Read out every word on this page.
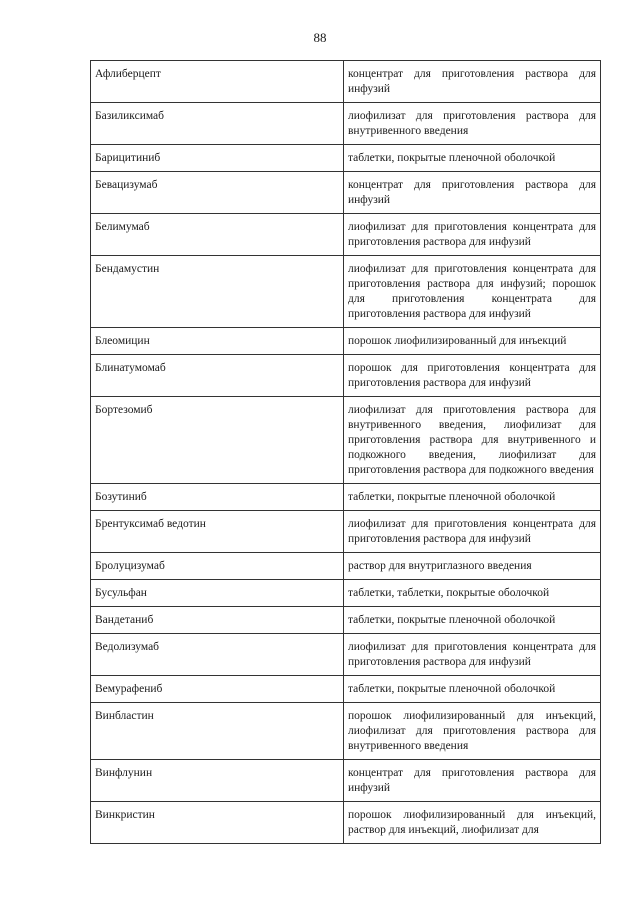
88
Афлиберцепт	концентрат для приготовления раствора для инфузий
Базиликсимаб	лиофилизат для приготовления раствора для внутривенного введения
Барицитиниб	таблетки, покрытые пленочной оболочкой
Бевацизумаб	концентрат для приготовления раствора для инфузий
Белимумаб	лиофилизат для приготовления концентрата для приготовления раствора для инфузий
Бендамустин	лиофилизат для приготовления концентрата для приготовления раствора для инфузий; порошок для приготовления концентрата для приготовления раствора для инфузий
Блеомицин	порошок лиофилизированный для инъекций
Блинатумомаб	порошок для приготовления концентрата для приготовления раствора для инфузий
Бортезомиб	лиофилизат для приготовления раствора для внутривенного введения, лиофилизат для приготовления раствора для внутривенного и подкожного введения, лиофилизат для приготовления раствора для подкожного введения
Бозутиниб	таблетки, покрытые пленочной оболочкой
Брентуксимаб ведотин	лиофилизат для приготовления концентрата для приготовления раствора для инфузий
Бролуцизумаб	раствор для внутриглазного введения
Бусульфан	таблетки, таблетки, покрытые оболочкой
Вандетаниб	таблетки, покрытые пленочной оболочкой
Ведолизумаб	лиофилизат для приготовления концентрата для приготовления раствора для инфузий
Вемурафениб	таблетки, покрытые пленочной оболочкой
Винбластин	порошок лиофилизированный для инъекций, лиофилизат для приготовления раствора для внутривенного введения
Винфлунин	концентрат для приготовления раствора для инфузий
Винкристин	порошок лиофилизированный для инъекций, раствор для инъекций, лиофилизат для
